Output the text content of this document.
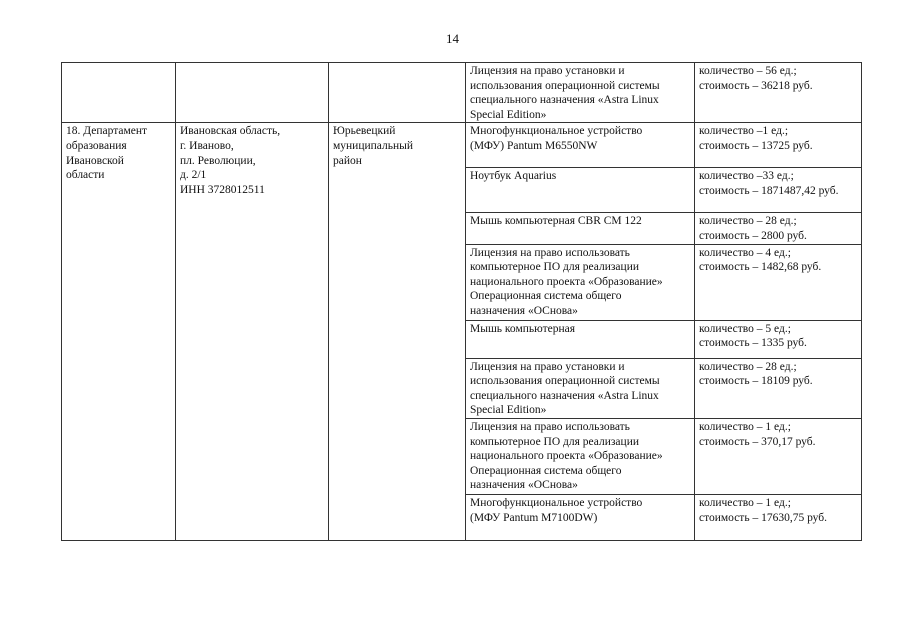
14

			Лицензия на право установки и
использования операционной системы
специального назначения «Astra Linux
Special Edition»	количество – 56 ед.;
стоимость – 36218 руб.

18. Департамент
образования
Ивановской
области	Ивановская область,
г. Иваново,
пл. Революции,
д. 2/1
ИНН 3728012511	Юрьевецкий
муниципальный
район	Многофункциональное устройство
(МФУ) Pantum M6550NW	количество –1 ед.;
стоимость – 13725 руб.

			Ноутбук Aquarius	количество –33 ед.;
стоимость – 1871487,42 руб.

			Мышь компьютерная CBR CM 122	количество – 28 ед.;
стоимость – 2800 руб.

			Лицензия на право использовать
компьютерное ПО для реализации
национального проекта «Образование»
Операционная система общего
назначения «ОСнова»	количество – 4 ед.;
стоимость – 1482,68 руб.

			Мышь компьютерная	количество – 5 ед.;
стоимость – 1335 руб.

			Лицензия на право установки и
использования операционной системы
специального назначения «Astra Linux
Special Edition»	количество – 28 ед.;
стоимость – 18109 руб.

			Лицензия на право использовать
компьютерное ПО для реализации
национального проекта «Образование»
Операционная система общего
назначения «ОСнова»	количество – 1 ед.;
стоимость – 370,17 руб.

			Многофункциональное устройство
(МФУ Pantum M7100DW)	количество – 1 ед.;
стоимость – 17630,75 руб.
